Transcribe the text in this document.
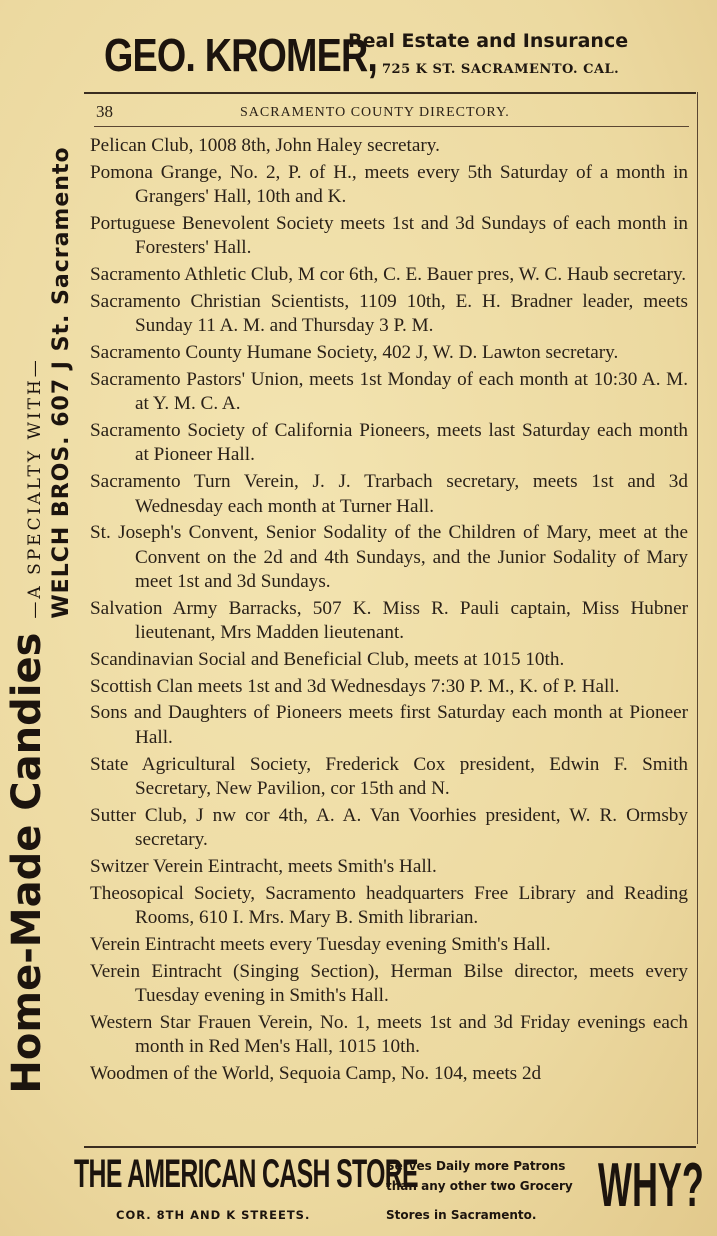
GEO. KROMER,
Real Estate and Insurance
725 K ST. SACRAMENTO. CAL.
Home-Made Candies
—A SPECIALTY WITH— WELCH BROS. 607 J St. Sacramento
38	SACRAMENTO COUNTY DIRECTORY.

Pelican Club, 1008 8th, John Haley secretary.

Pomona Grange, No. 2, P. of H., meets every 5th Saturday of a month in Grangers' Hall, 10th and K.

Portuguese Benevolent Society meets 1st and 3d Sundays of each month in Foresters' Hall.

Sacramento Athletic Club, M cor 6th, C. E. Bauer pres, W. C. Haub secretary.

Sacramento Christian Scientists, 1109 10th, E. H. Bradner leader, meets Sunday 11 A. M. and Thursday 3 P. M.

Sacramento County Humane Society, 402 J, W. D. Lawton secretary.

Sacramento Pastors' Union, meets 1st Monday of each month at 10:30 A. M. at Y. M. C. A.

Sacramento Society of California Pioneers, meets last Saturday each month at Pioneer Hall.

Sacramento Turn Verein, J. J. Trarbach secretary, meets 1st and 3d Wednesday each month at Turner Hall.

St. Joseph's Convent, Senior Sodality of the Children of Mary, meet at the Convent on the 2d and 4th Sundays, and the Junior Sodality of Mary meet 1st and 3d Sundays.

Salvation Army Barracks, 507 K. Miss R. Pauli captain, Miss Hubner lieutenant, Mrs Madden lieutenant.

Scandinavian Social and Beneficial Club, meets at 1015 10th.

Scottish Clan meets 1st and 3d Wednesdays 7:30 P. M., K. of P. Hall.

Sons and Daughters of Pioneers meets first Saturday each month at Pioneer Hall.

State Agricultural Society, Frederick Cox president, Edwin F. Smith Secretary, New Pavilion, cor 15th and N.

Sutter Club, J nw cor 4th, A. A. Van Voorhies president, W. R. Ormsby secretary.

Switzer Verein Eintracht, meets Smith's Hall.

Theosopical Society, Sacramento headquarters Free Library and Reading Rooms, 610 I. Mrs. Mary B. Smith librarian.

Verein Eintracht meets every Tuesday evening Smith's Hall.

Verein Eintracht (Singing Section), Herman Bilse director, meets every Tuesday evening in Smith's Hall.

Western Star Frauen Verein, No. 1, meets 1st and 3d Friday evenings each month in Red Men's Hall, 1015 10th.

Woodmen of the World, Sequoia Camp, No. 104, meets 2d

THE AMERICAN CASH STORE
COR. 8TH AND K STREETS.
Serves Daily more Patrons
than any other two Grocery
Stores in Sacramento. WHY?
